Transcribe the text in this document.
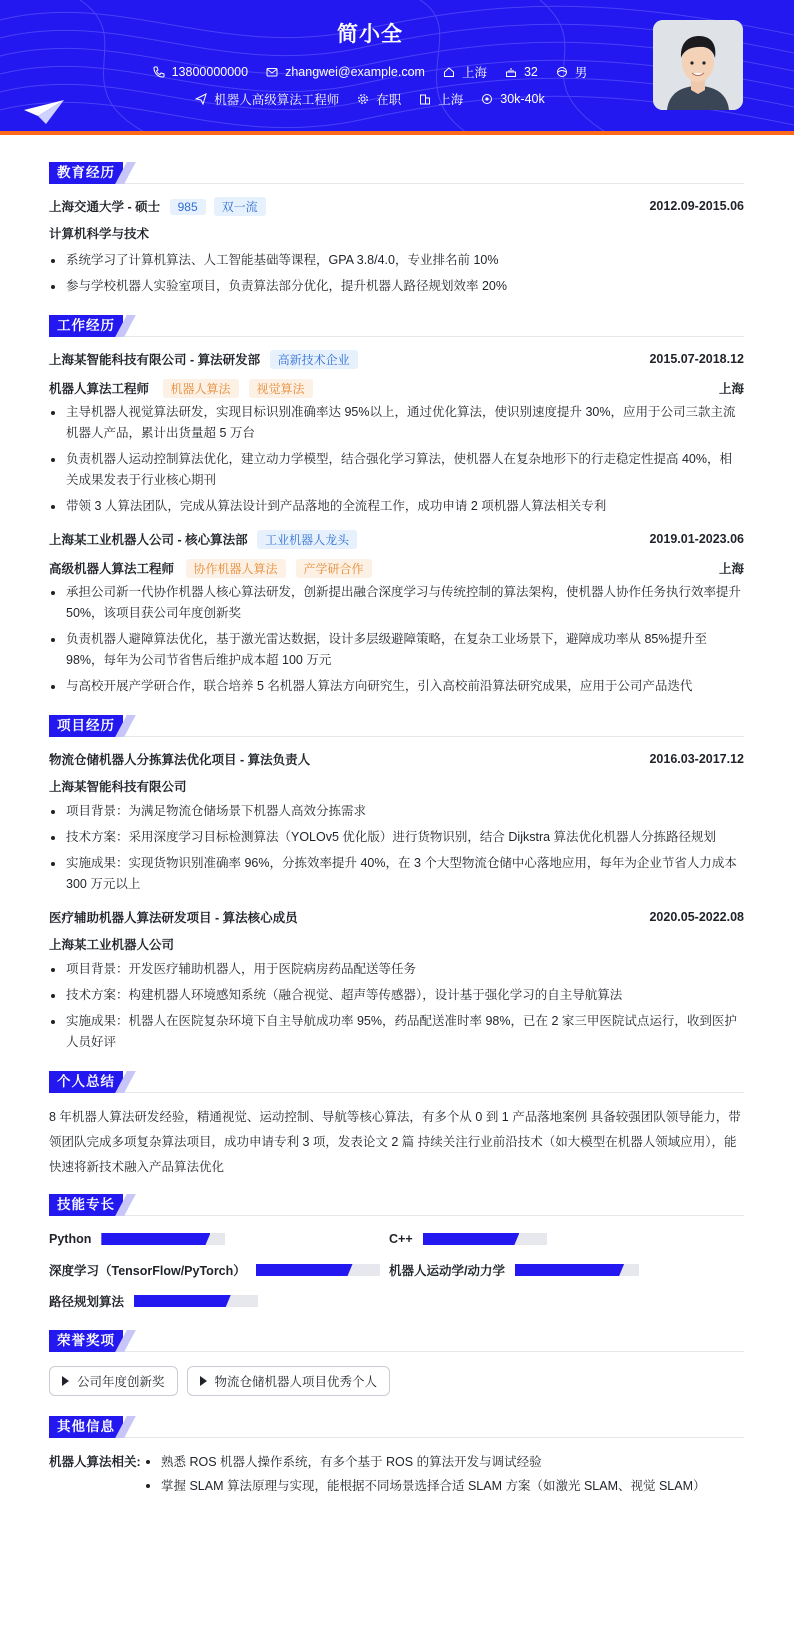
简小全
13800000000	zhangwei@example.com	上海	32	男
机器人高级算法工程师	在职	上海	30k-40k
教育经历
上海交通大学 - 硕士 985 双一流	2012.09-2015.06
计算机科学与技术
系统学习了计算机算法、人工智能基础等课程，GPA 3.8/4.0，专业排名前 10%
参与学校机器人实验室项目，负责算法部分优化，提升机器人路径规划效率 20%
工作经历
上海某智能科技有限公司 - 算法研发部 高新技术企业	2015.07-2018.12
机器人算法工程师 机器人算法 视觉算法	上海
主导机器人视觉算法研发，实现目标识别准确率达 95%以上，通过优化算法，使识别速度提升 30%，应用于公司三款主流机器人产品，累计出货量超 5 万台
负责机器人运动控制算法优化，建立动力学模型，结合强化学习算法，使机器人在复杂地形下的行走稳定性提高 40%，相关成果发表于行业核心期刊
带领 3 人算法团队，完成从算法设计到产品落地的全流程工作，成功申请 2 项机器人算法相关专利
上海某工业机器人公司 - 核心算法部 工业机器人龙头	2019.01-2023.06
高级机器人算法工程师 协作机器人算法 产学研合作	上海
承担公司新一代协作机器人核心算法研发，创新提出融合深度学习与传统控制的算法架构，使机器人协作任务执行效率提升 50%，该项目获公司年度创新奖
负责机器人避障算法优化，基于激光雷达数据，设计多层级避障策略，在复杂工业场景下，避障成功率从 85%提升至 98%，每年为公司节省售后维护成本超 100 万元
与高校开展产学研合作，联合培养 5 名机器人算法方向研究生，引入高校前沿算法研究成果，应用于公司产品迭代
项目经历
物流仓储机器人分拣算法优化项目 - 算法负责人	2016.03-2017.12
上海某智能科技有限公司
项目背景：为满足物流仓储场景下机器人高效分拣需求
技术方案：采用深度学习目标检测算法（YOLOv5 优化版）进行货物识别，结合 Dijkstra 算法优化机器人分拣路径规划
实施成果：实现货物识别准确率 96%，分拣效率提升 40%，在 3 个大型物流仓储中心落地应用，每年为企业节省人力成本 300 万元以上
医疗辅助机器人算法研发项目 - 算法核心成员	2020.05-2022.08
上海某工业机器人公司
项目背景：开发医疗辅助机器人，用于医院病房药品配送等任务
技术方案：构建机器人环境感知系统（融合视觉、超声等传感器），设计基于强化学习的自主导航算法
实施成果：机器人在医院复杂环境下自主导航成功率 95%，药品配送准时率 98%，已在 2 家三甲医院试点运行，收到医护人员好评
个人总结
8 年机器人算法研发经验，精通视觉、运动控制、导航等核心算法，有多个从 0 到 1 产品落地案例 具备较强团队领导能力，带领团队完成多项复杂算法项目，成功申请专利 3 项，发表论文 2 篇 持续关注行业前沿技术（如大模型在机器人领域应用），能快速将新技术融入产品算法优化
技能专长
Python	C++
深度学习（TensorFlow/PyTorch）	机器人运动学/动力学
路径规划算法
荣誉奖项
公司年度创新奖	物流仓储机器人项目优秀个人
其他信息
机器人算法相关:	熟悉 ROS 机器人操作系统，有多个基于 ROS 的算法开发与调试经验
掌握 SLAM 算法原理与实现，能根据不同场景选择合适 SLAM 方案（如激光 SLAM、视觉 SLAM）
